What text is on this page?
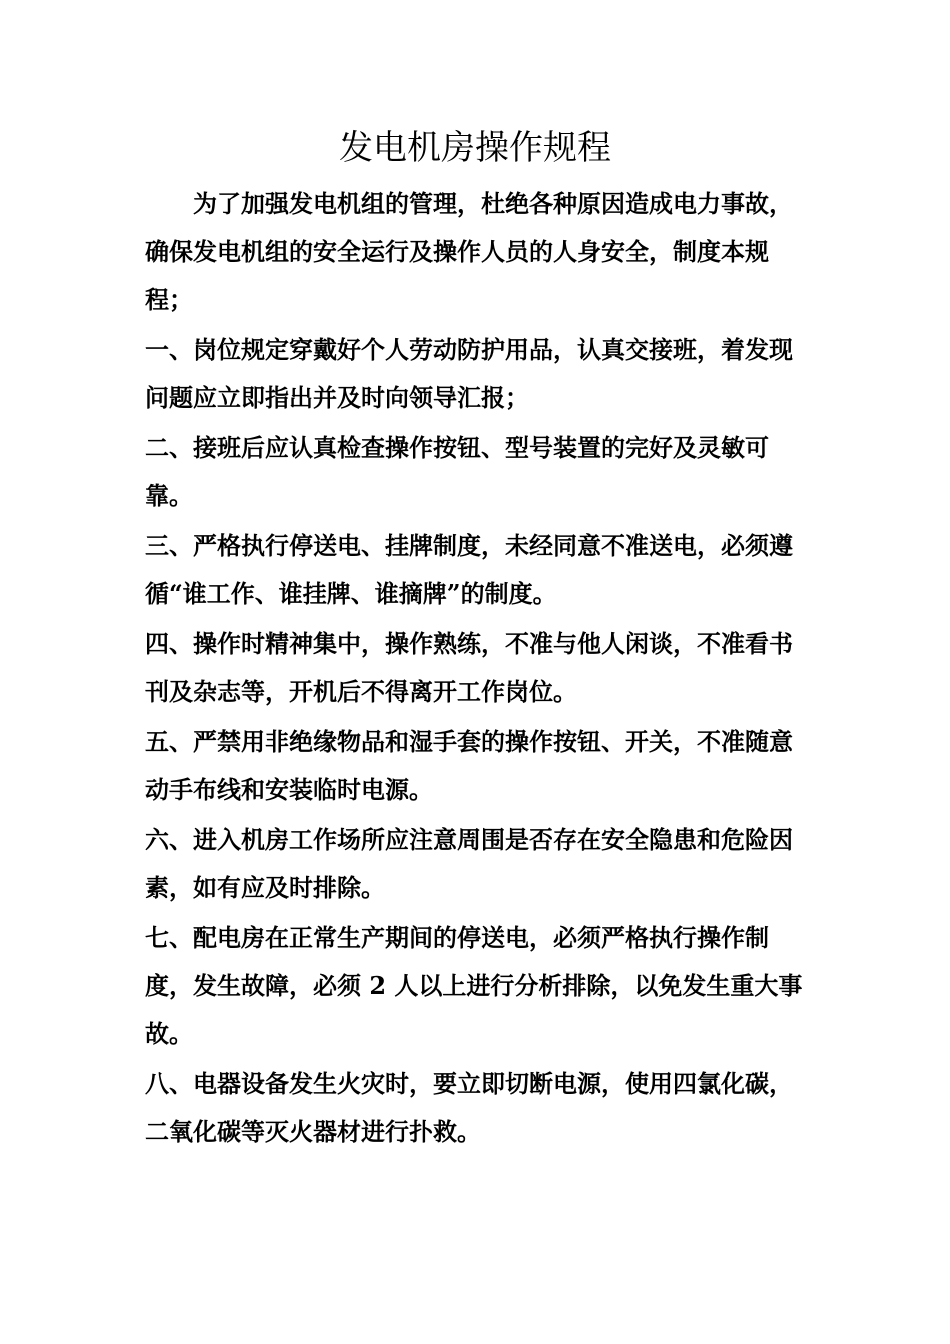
发电机房操作规程

为了加强发电机组的管理，杜绝各种原因造成电力事故，确保发电机组的安全运行及操作人员的人身安全，制度本规程；

一、岗位规定穿戴好个人劳动防护用品，认真交接班，着发现问题应立即指出并及时向领导汇报；

二、接班后应认真检查操作按钮、型号装置的完好及灵敏可靠。

三、严格执行停送电、挂牌制度，未经同意不准送电，必须遵循“谁工作、谁挂牌、谁摘牌”的制度。

四、操作时精神集中，操作熟练，不准与他人闲谈，不准看书刊及杂志等，开机后不得离开工作岗位。

五、严禁用非绝缘物品和湿手套的操作按钮、开关，不准随意动手布线和安装临时电源。

六、进入机房工作场所应注意周围是否存在安全隐患和危险因素，如有应及时排除。

七、配电房在正常生产期间的停送电，必须严格执行操作制度，发生故障，必须 2 人以上进行分析排除，以免发生重大事故。

八、电器设备发生火灾时，要立即切断电源，使用四氯化碳，二氧化碳等灭火器材进行扑救。
